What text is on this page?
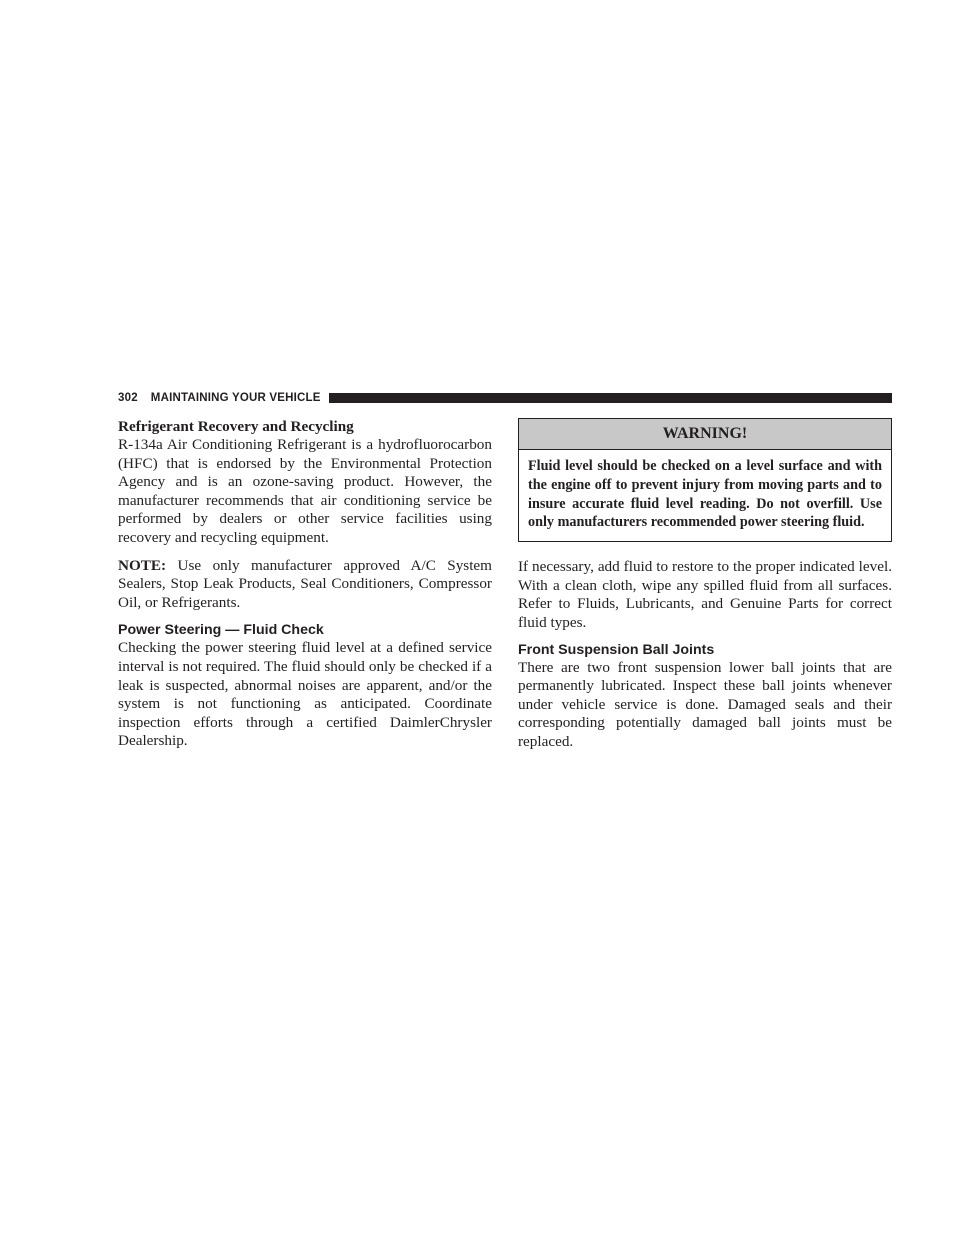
302 MAINTAINING YOUR VEHICLE
Refrigerant Recovery and Recycling

R-134a Air Conditioning Refrigerant is a hydrofluorocarbon (HFC) that is endorsed by the Environmental Protection Agency and is an ozone-saving product. However, the manufacturer recommends that air conditioning service be performed by dealers or other service facilities using recovery and recycling equipment.

NOTE: Use only manufacturer approved A/C System Sealers, Stop Leak Products, Seal Conditioners, Compressor Oil, or Refrigerants.

Power Steering — Fluid Check

Checking the power steering fluid level at a defined service interval is not required. The fluid should only be checked if a leak is suspected, abnormal noises are apparent, and/or the system is not functioning as anticipated. Coordinate inspection efforts through a certified DaimlerChrysler Dealership.

WARNING!
Fluid level should be checked on a level surface and with the engine off to prevent injury from moving parts and to insure accurate fluid level reading. Do not overfill. Use only manufacturers recommended power steering fluid.

If necessary, add fluid to restore to the proper indicated level. With a clean cloth, wipe any spilled fluid from all surfaces. Refer to Fluids, Lubricants, and Genuine Parts for correct fluid types.

Front Suspension Ball Joints

There are two front suspension lower ball joints that are permanently lubricated. Inspect these ball joints whenever under vehicle service is done. Damaged seals and their corresponding potentially damaged ball joints must be replaced.
